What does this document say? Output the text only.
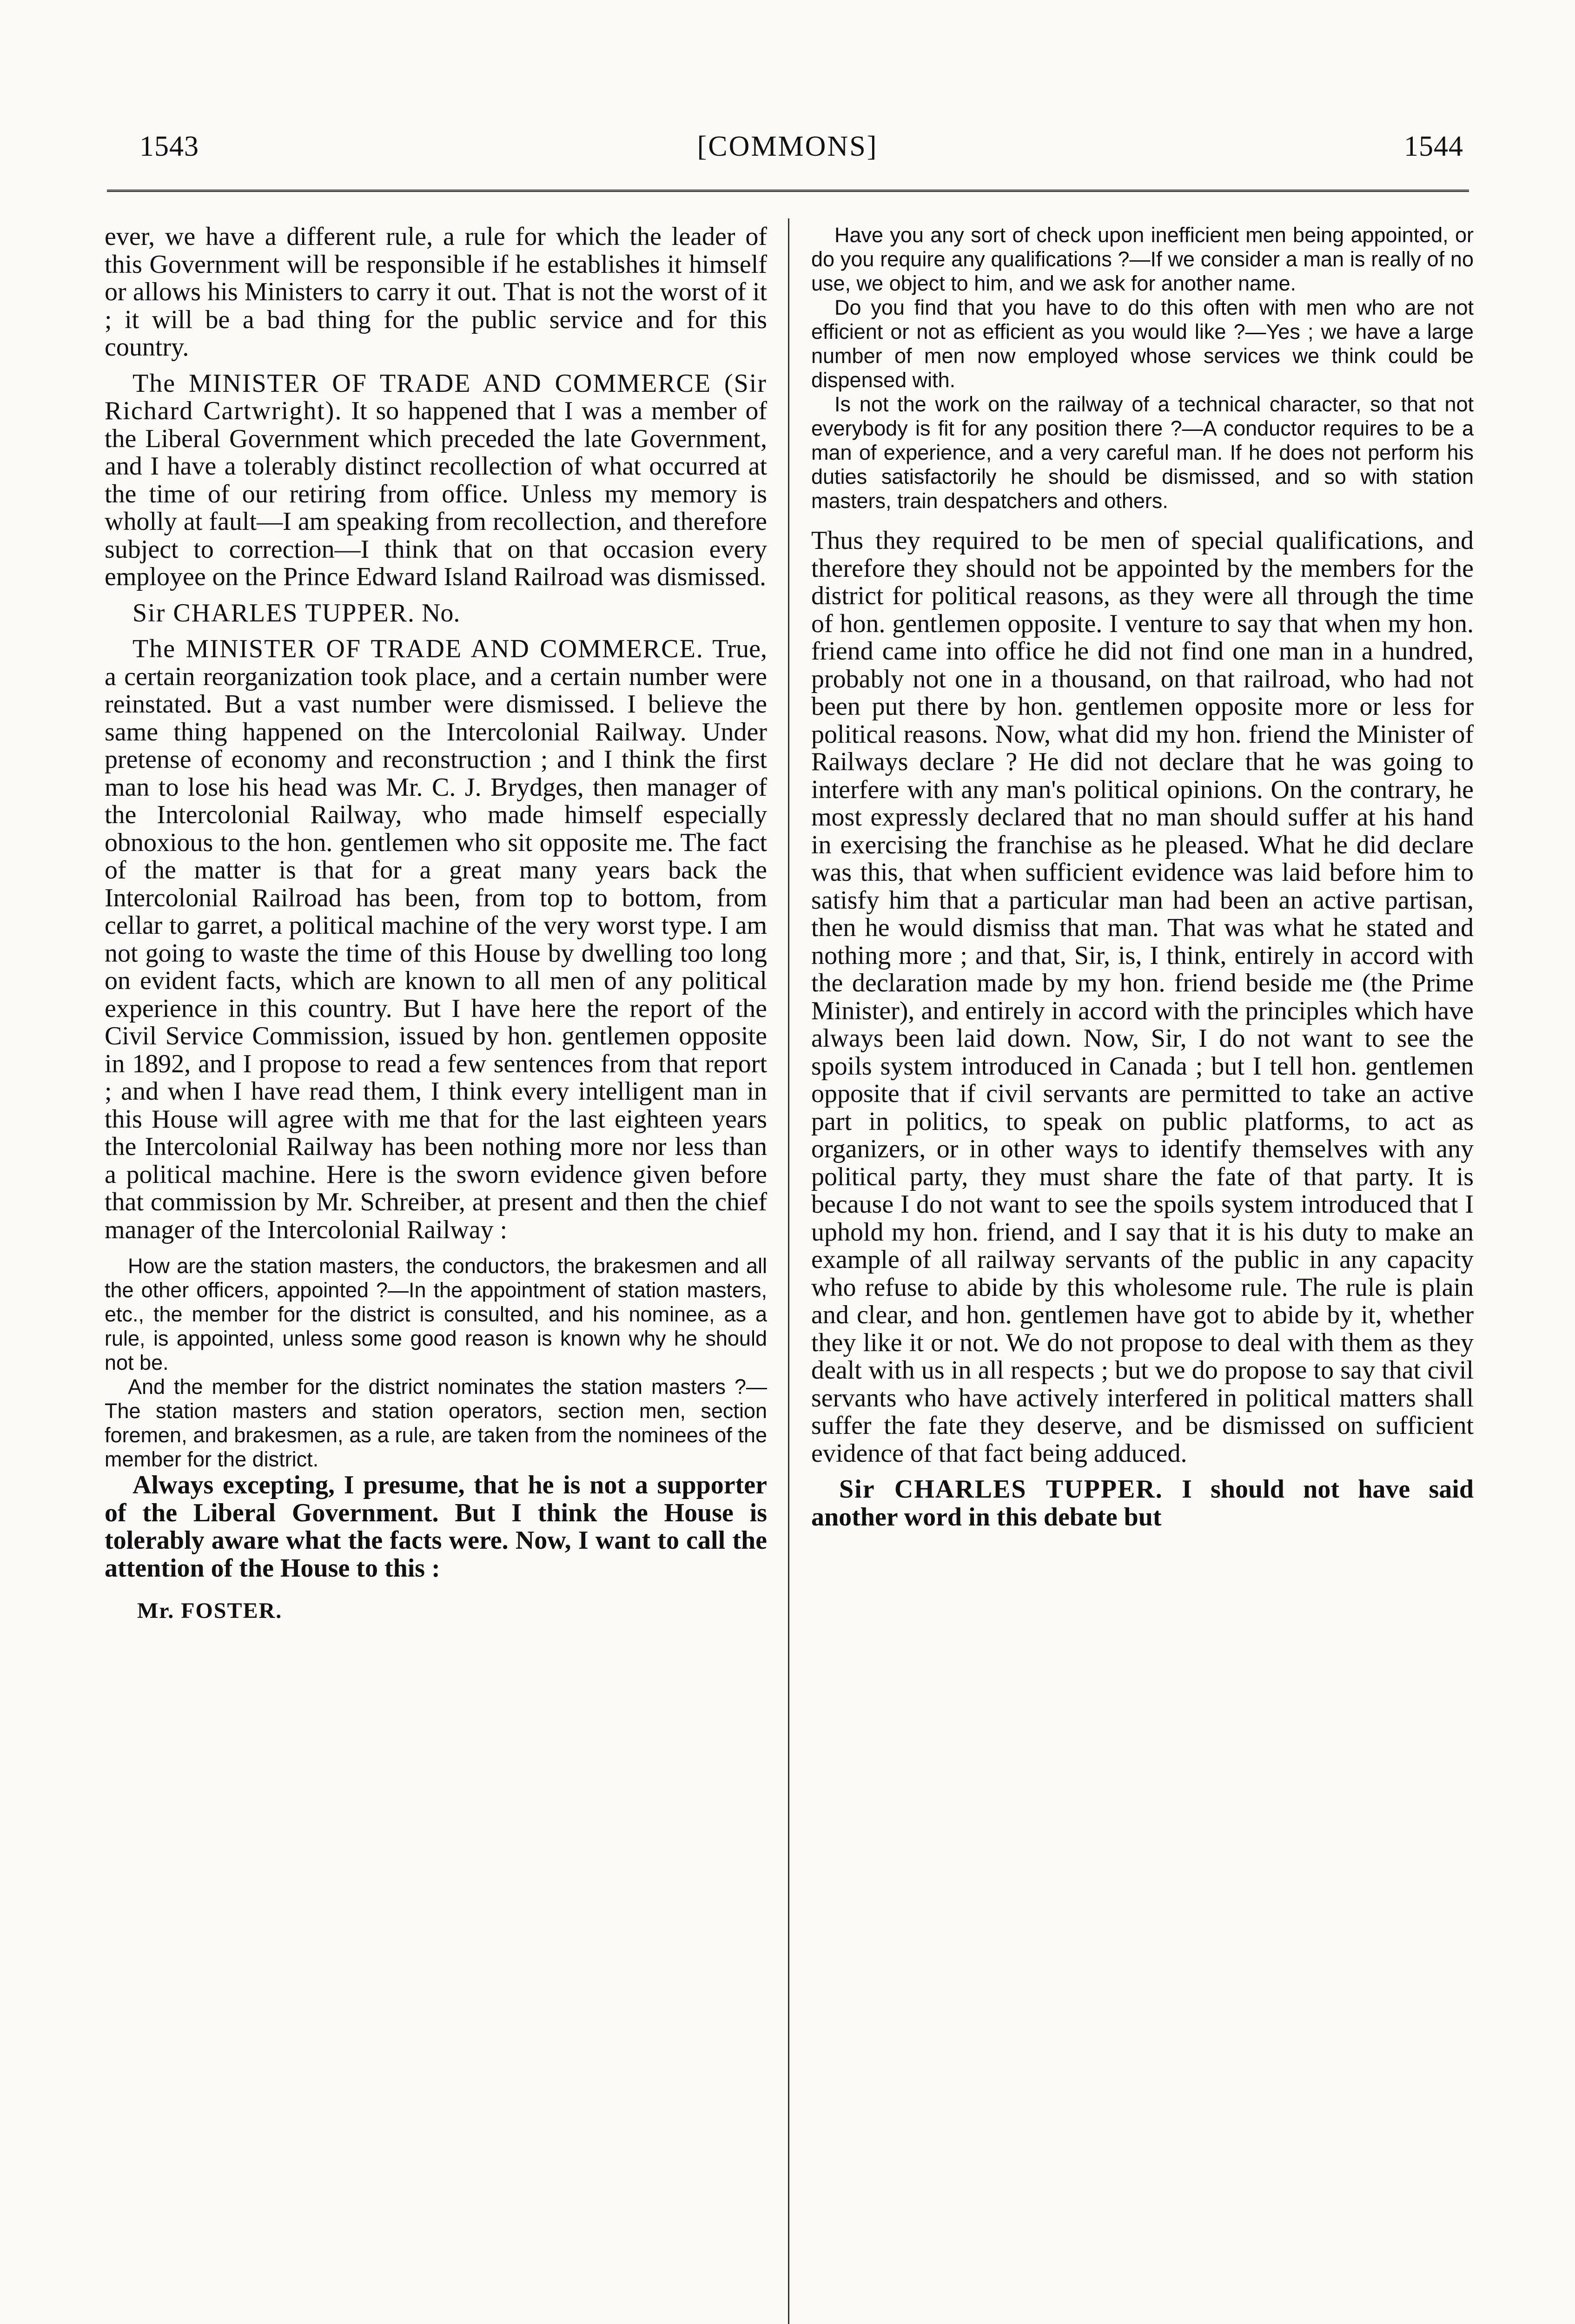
1543	[COMMONS]	1544

ever, we have a different rule, a rule for which the leader of this Government will be responsible if he establishes it himself or allows his Ministers to carry it out. That is not the worst of it ; it will be a bad thing for the public service and for this country.

The MINISTER OF TRADE AND COMMERCE (Sir Richard Cartwright). It so happened that I was a member of the Liberal Government which preceded the late Government, and I have a tolerably distinct recollection of what occurred at the time of our retiring from office. Unless my memory is wholly at fault—I am speaking from recollection, and therefore subject to correction—I think that on that occasion every employee on the Prince Edward Island Railroad was dismissed.

Sir CHARLES TUPPER. No.

The MINISTER OF TRADE AND COMMERCE. True, a certain reorganization took place, and a certain number were reinstated. But a vast number were dismissed. I believe the same thing happened on the Intercolonial Railway. Under pretense of economy and reconstruction ; and I think the first man to lose his head was Mr. C. J. Brydges, then manager of the Intercolonial Railway, who made himself especially obnoxious to the hon. gentlemen who sit opposite me. The fact of the matter is that for a great many years back the Intercolonial Railroad has been, from top to bottom, from cellar to garret, a political machine of the very worst type. I am not going to waste the time of this House by dwelling too long on evident facts, which are known to all men of any political experience in this country. But I have here the report of the Civil Service Commission, issued by hon. gentlemen opposite in 1892, and I propose to read a few sentences from that report ; and when I have read them, I think every intelligent man in this House will agree with me that for the last eighteen years the Intercolonial Railway has been nothing more nor less than a political machine. Here is the sworn evidence given before that commission by Mr. Schreiber, at present and then the chief manager of the Intercolonial Railway :

How are the station masters, the conductors, the brakesmen and all the other officers, appointed ?—In the appointment of station masters, etc., the member for the district is consulted, and his nominee, as a rule, is appointed, unless some good reason is known why he should not be.

And the member for the district nominates the station masters ?—The station masters and station operators, section men, section foremen, and brakesmen, as a rule, are taken from the nominees of the member for the district.

Always excepting, I presume, that he is not a supporter of the Liberal Government. But I think the House is tolerably aware what the facts were. Now, I want to call the attention of the House to this :

Mr. FOSTER.

Have you any sort of check upon inefficient men being appointed, or do you require any qualifications ?—If we consider a man is really of no use, we object to him, and we ask for another name.

Do you find that you have to do this often with men who are not efficient or not as efficient as you would like ?—Yes ; we have a large number of men now employed whose services we think could be dispensed with.

Is not the work on the railway of a technical character, so that not everybody is fit for any position there ?—A conductor requires to be a man of experience, and a very careful man. If he does not perform his duties satisfactorily he should be dismissed, and so with station masters, train despatchers and others.

Thus they required to be men of special qualifications, and therefore they should not be appointed by the members for the district for political reasons, as they were all through the time of hon. gentlemen opposite. I venture to say that when my hon. friend came into office he did not find one man in a hundred, probably not one in a thousand, on that railroad, who had not been put there by hon. gentlemen opposite more or less for political reasons. Now, what did my hon. friend the Minister of Railways declare ? He did not declare that he was going to interfere with any man's political opinions. On the contrary, he most expressly declared that no man should suffer at his hand in exercising the franchise as he pleased. What he did declare was this, that when sufficient evidence was laid before him to satisfy him that a particular man had been an active partisan, then he would dismiss that man. That was what he stated and nothing more ; and that, Sir, is, I think, entirely in accord with the declaration made by my hon. friend beside me (the Prime Minister), and entirely in accord with the principles which have always been laid down. Now, Sir, I do not want to see the spoils system introduced in Canada ; but I tell hon. gentlemen opposite that if civil servants are permitted to take an active part in politics, to speak on public platforms, to act as organizers, or in other ways to identify themselves with any political party, they must share the fate of that party. It is because I do not want to see the spoils system introduced that I uphold my hon. friend, and I say that it is his duty to make an example of all railway servants of the public in any capacity who refuse to abide by this wholesome rule. The rule is plain and clear, and hon. gentlemen have got to abide by it, whether they like it or not. We do not propose to deal with them as they dealt with us in all respects ; but we do propose to say that civil servants who have actively interfered in political matters shall suffer the fate they deserve, and be dismissed on sufficient evidence of that fact being adduced.

Sir CHARLES TUPPER. I should not have said another word in this debate but
